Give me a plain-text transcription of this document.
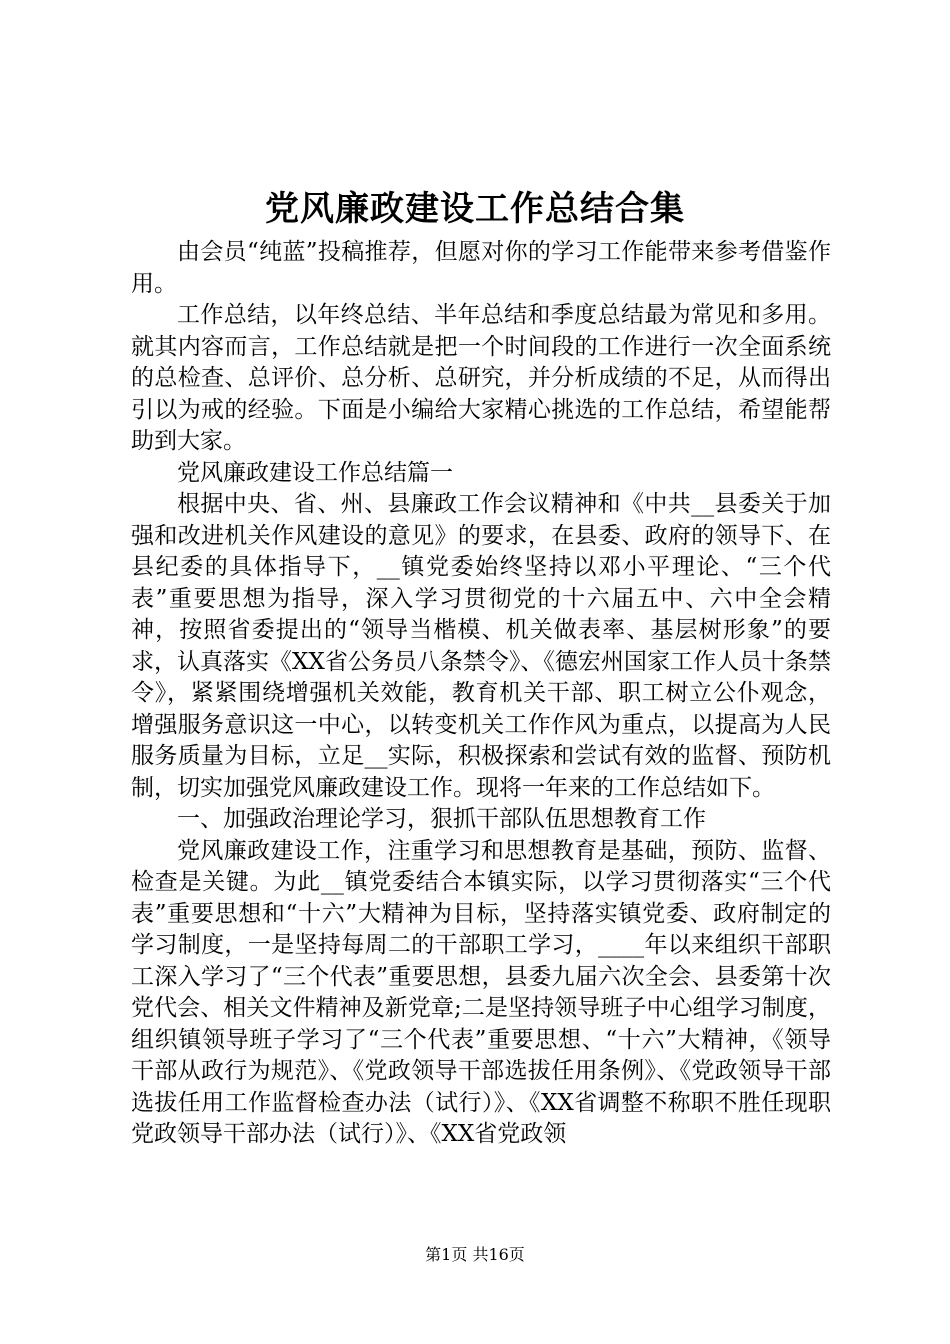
党风廉政建设工作总结合集

由会员“纯蓝”投稿推荐，但愿对你的学习工作能带来参考借鉴作用。

工作总结，以年终总结、半年总结和季度总结最为常见和多用。就其内容而言，工作总结就是把一个时间段的工作进行一次全面系统的总检查、总评价、总分析、总研究，并分析成绩的不足，从而得出引以为戒的经验。下面是小编给大家精心挑选的工作总结，希望能帮助到大家。

党风廉政建设工作总结篇一

根据中央、省、州、县廉政工作会议精神和《中共__县委关于加强和改进机关作风建设的意见》的要求，在县委、政府的领导下、在县纪委的具体指导下，__镇党委始终坚持以邓小平理论、“三个代表”重要思想为指导，深入学习贯彻党的十六届五中、六中全会精神，按照省委提出的“领导当楷模、机关做表率、基层树形象”的要求，认真落实《XX省公务员八条禁令》、《德宏州国家工作人员十条禁令》，紧紧围绕增强机关效能，教育机关干部、职工树立公仆观念，增强服务意识这一中心，以转变机关工作作风为重点，以提高为人民服务质量为目标，立足__实际，积极探索和尝试有效的监督、预防机制，切实加强党风廉政建设工作。现将一年来的工作总结如下。

一、加强政治理论学习，狠抓干部队伍思想教育工作

党风廉政建设工作，注重学习和思想教育是基础，预防、监督、检查是关键。为此__镇党委结合本镇实际，以学习贯彻落实“三个代表”重要思想和“十六”大精神为目标，坚持落实镇党委、政府制定的学习制度，一是坚持每周二的干部职工学习，____年以来组织干部职工深入学习了“三个代表”重要思想，县委九届六次全会、县委第十次党代会、相关文件精神及新党章;二是坚持领导班子中心组学习制度，组织镇领导班子学习了“三个代表”重要思想、“十六”大精神，《领导干部从政行为规范》、《党政领导干部选拔任用条例》、《党政领导干部选拔任用工作监督检查办法（试行）》、《XX省调整不称职不胜任现职党政领导干部办法（试行）》、《XX省党政领

第1页 共16页
